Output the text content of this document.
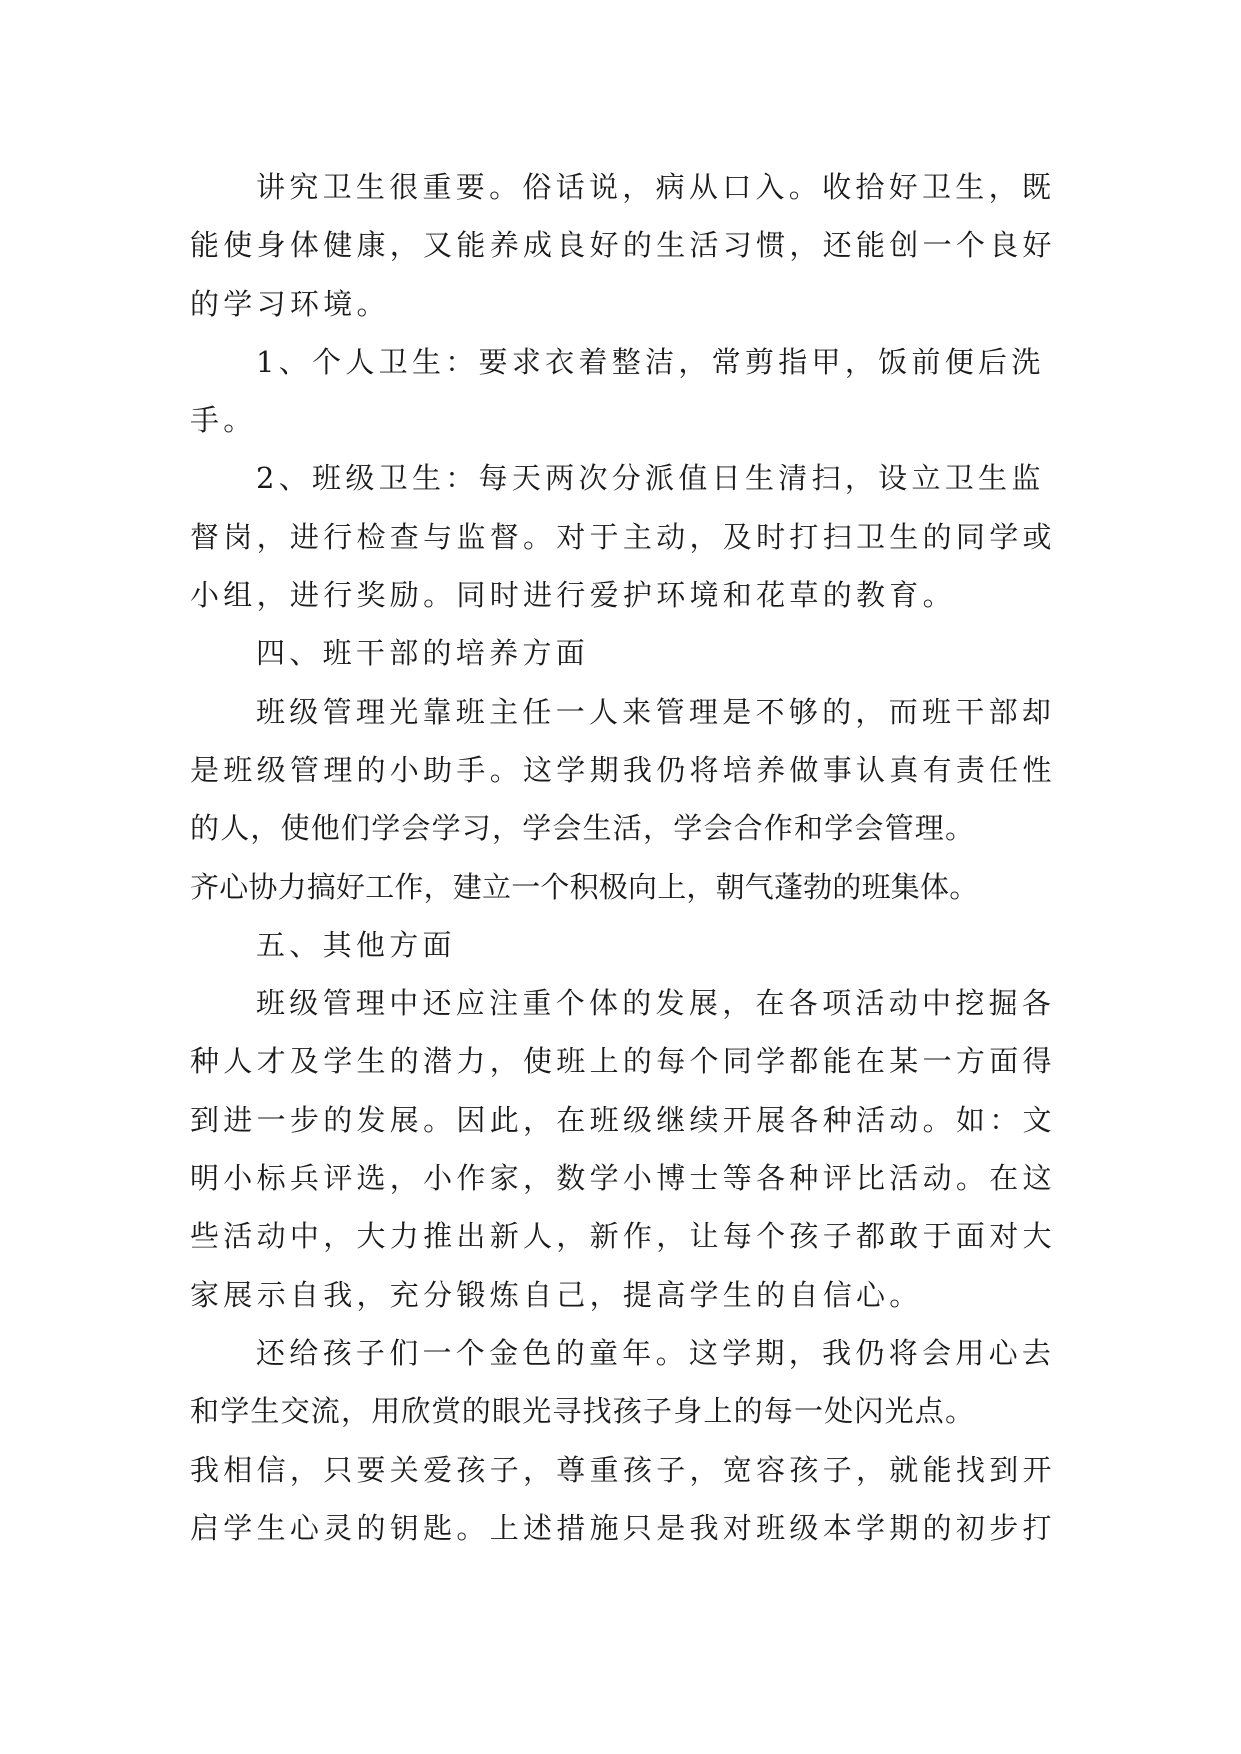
讲究卫生很重要。俗话说，病从口入。收拾好卫生，既
能使身体健康，又能养成良好的生活习惯，还能创一个良好
的学习环境。
1、个人卫生：要求衣着整洁，常剪指甲，饭前便后洗
手。
2、班级卫生：每天两次分派值日生清扫，设立卫生监
督岗，进行检查与监督。对于主动，及时打扫卫生的同学或
小组，进行奖励。同时进行爱护环境和花草的教育。
四、班干部的培养方面
班级管理光靠班主任一人来管理是不够的，而班干部却
是班级管理的小助手。这学期我仍将培养做事认真有责任性
的人，使他们学会学习，学会生活，学会合作和学会管理。
齐心协力搞好工作，建立一个积极向上，朝气蓬勃的班集体。
五、其他方面
班级管理中还应注重个体的发展，在各项活动中挖掘各
种人才及学生的潜力，使班上的每个同学都能在某一方面得
到进一步的发展。因此，在班级继续开展各种活动。如：文
明小标兵评选，小作家，数学小博士等各种评比活动。在这
些活动中，大力推出新人，新作，让每个孩子都敢于面对大
家展示自我，充分锻炼自己，提高学生的自信心。
还给孩子们一个金色的童年。这学期，我仍将会用心去
和学生交流，用欣赏的眼光寻找孩子身上的每一处闪光点。
我相信，只要关爱孩子，尊重孩子，宽容孩子，就能找到开
启学生心灵的钥匙。上述措施只是我对班级本学期的初步打
